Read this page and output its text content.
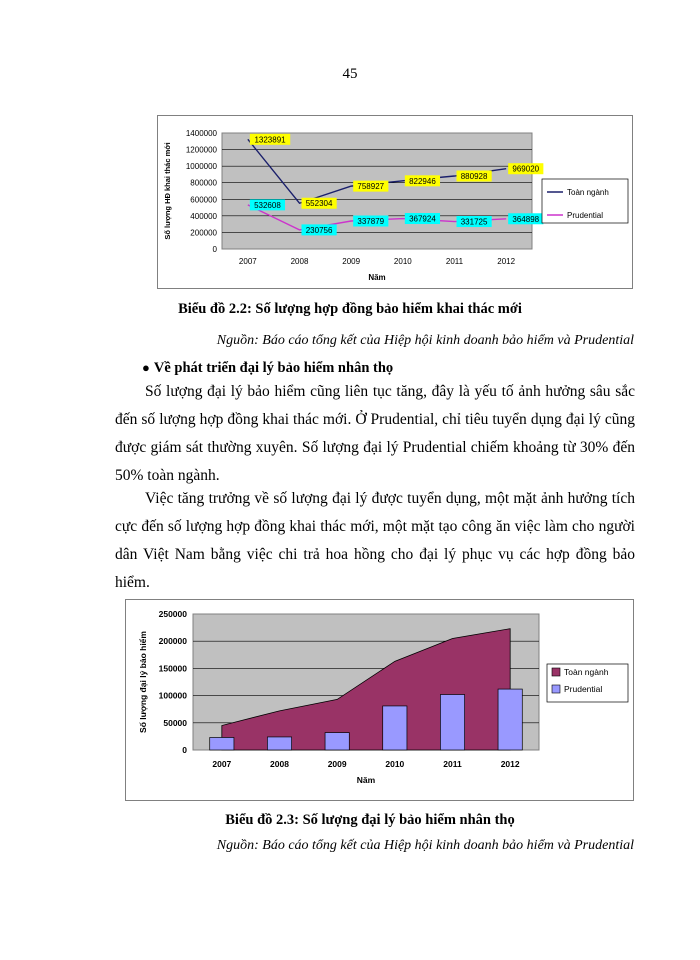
45
0
200000
400000
600000
800000
1000000
1200000
1400000
2007	2008	2009	2010	2011	2012
Năm
Số lượng HĐ khai thác mới
1323891
552304
758927
822946
880928
969020
532608
230756
337879	367924	331725	364898
Toàn ngành
Prudential
Biểu đồ 2.2: Số lượng hợp đồng bảo hiểm khai thác mới
Nguồn: Báo cáo tổng kết của Hiệp hội kinh doanh bảo hiểm và Prudential
● Về phát triển đại lý bảo hiểm nhân thọ

Số lượng đại lý bảo hiểm cũng liên tục tăng, đây là yếu tố ảnh hưởng sâu sắc đến số lượng hợp đồng khai thác mới. Ở Prudential, chỉ tiêu tuyển dụng đại lý cũng được giám sát thường xuyên. Số lượng đại lý Prudential chiếm khoảng từ 30% đến 50% toàn ngành.

Việc tăng trưởng về số lượng đại lý được tuyển dụng, một mặt ảnh hưởng tích cực đến số lượng hợp đồng khai thác mới, một mặt tạo công ăn việc làm cho người dân Việt Nam bằng việc chi trả hoa hồng cho đại lý phục vụ các hợp đồng bảo hiểm.

0
50000
100000
150000
200000
250000
2007	2008	2009	2010	2011	2012
Năm
Số lượng đại lý bảo hiểm	Toàn ngành
Prudential
Biểu đồ 2.3: Số lượng đại lý bảo hiểm nhân thọ
Nguồn: Báo cáo tổng kết của Hiệp hội kinh doanh bảo hiểm và Prudential
